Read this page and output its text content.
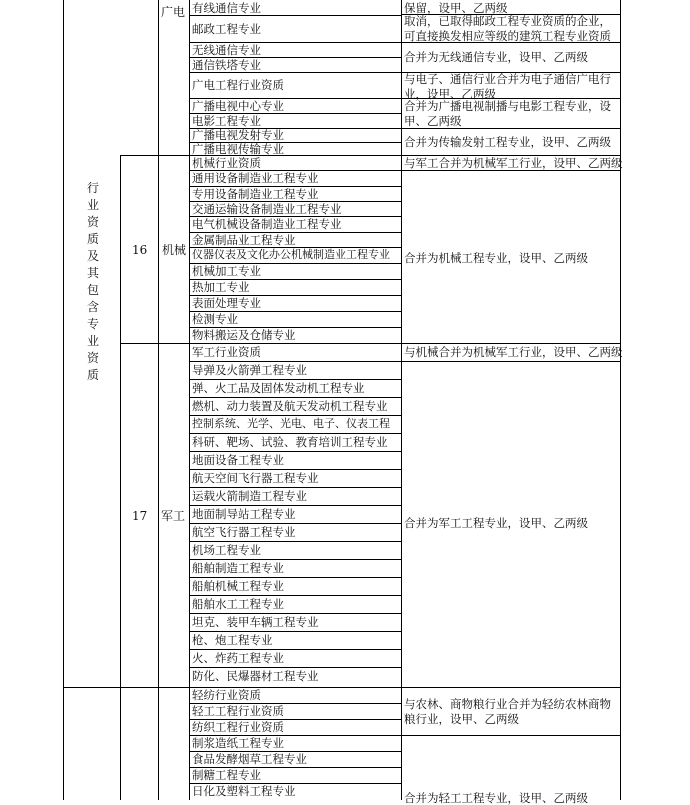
行业资质及其包含专业资质
广电 有线通信专业
邮政工程专业
无线通信专业
通信铁塔专业
广电工程行业资质
广播电视中心专业
电影工程专业
广播电视发射专业
广播电视传输专业
保留，设甲、乙两级
取消，已取得邮政工程专业资质的企业，可直接换发相应等级的建筑工程专业资质
合并为无线通信专业，设甲、乙两级
与电子、通信行业合并为电子通信广电行业，设甲、乙两级
合并为广播电视制播与电影工程专业，设甲、乙两级
合并为传输发射工程专业，设甲、乙两级
16 机械
机械行业资质
通用设备制造业工程专业
专用设备制造业工程专业
交通运输设备制造业工程专业
电气机械设备制造业工程专业
金属制品业工程专业
仪器仪表及文化办公机械制造业工程专业
机械加工专业
热加工专业
表面处理专业
检测专业
物料搬运及仓储专业
与军工合并为机械军工行业，设甲、乙两级
合并为机械工程专业，设甲、乙两级
17 军工
军工行业资质
导弹及火箭弹工程专业
弹、火工品及固体发动机工程专业
燃机、动力装置及航天发动机工程专业
控制系统、光学、光电、电子、仪表工程
科研、靶场、试验、教育培训工程专业
地面设备工程专业
航天空间飞行器工程专业
运载火箭制造工程专业
地面制导站工程专业
航空飞行器工程专业
机场工程专业
船舶制造工程专业
船舶机械工程专业
船舶水工工程专业
坦克、装甲车辆工程专业
枪、炮工程专业
火、炸药工程专业
防化、民爆器材工程专业
与机械合并为机械军工行业，设甲、乙两级
合并为军工工程专业，设甲、乙两级
轻纺行业资质
轻工工程行业资质
纺织工程行业资质
制浆造纸工程专业
食品发酵烟草工程专业
制糖工程专业
日化及塑料工程专业
与农林、商物粮行业合并为轻纺农林商物粮行业，设甲、乙两级
合并为轻工工程专业，设甲、乙两级
